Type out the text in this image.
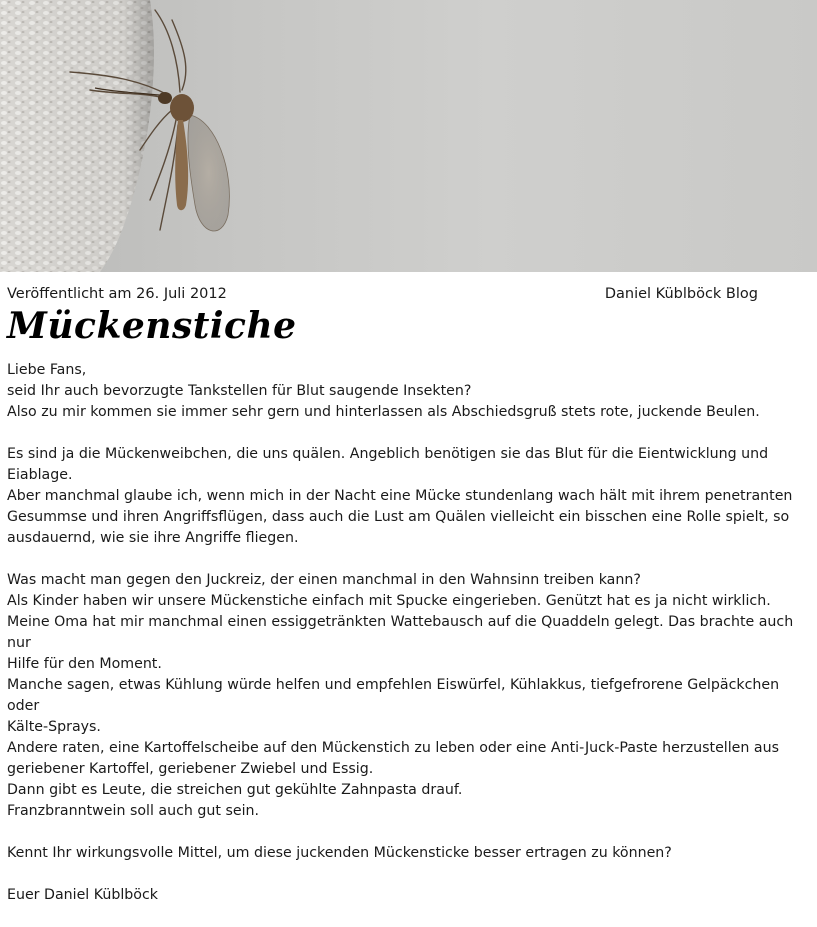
Veröffentlicht am 26. Juli 2012	Daniel Küblböck Blog
Mückenstiche

Liebe Fans,
seid Ihr auch bevorzugte Tankstellen für Blut saugende Insekten?
Also zu mir kommen sie immer sehr gern und hinterlassen als Abschiedsgruß stets rote, juckende Beulen.

Es sind ja die Mückenweibchen, die uns quälen. Angeblich benötigen sie das Blut für die Eientwicklung und Eiablage.
Aber manchmal glaube ich, wenn mich in der Nacht eine Mücke stundenlang wach hält mit ihrem penetranten
Gesummse und ihren Angriffsflügen, dass auch die Lust am Quälen vielleicht ein bisschen eine Rolle spielt, so
ausdauernd, wie sie ihre Angriffe fliegen.

Was macht man gegen den Juckreiz, der einen manchmal in den Wahnsinn treiben kann?
Als Kinder haben wir unsere Mückenstiche einfach mit Spucke eingerieben. Genützt hat es ja nicht wirklich.
Meine Oma hat mir manchmal einen essiggetränkten Wattebausch auf die Quaddeln gelegt. Das brachte auch nur
Hilfe für den Moment.
Manche sagen, etwas Kühlung würde helfen und empfehlen Eiswürfel, Kühlakkus, tiefgefrorene Gelpäckchen oder
Kälte-Sprays.
Andere raten, eine Kartoffelscheibe auf den Mückenstich zu leben oder eine Anti-Juck-Paste herzustellen aus
geriebener Kartoffel, geriebener Zwiebel und Essig.
Dann gibt es Leute, die streichen gut gekühlte Zahnpasta drauf.
Franzbranntwein soll auch gut sein.

Kennt Ihr wirkungsvolle Mittel, um diese juckenden Mückensticke besser ertragen zu können?

Euer Daniel Küblböck
